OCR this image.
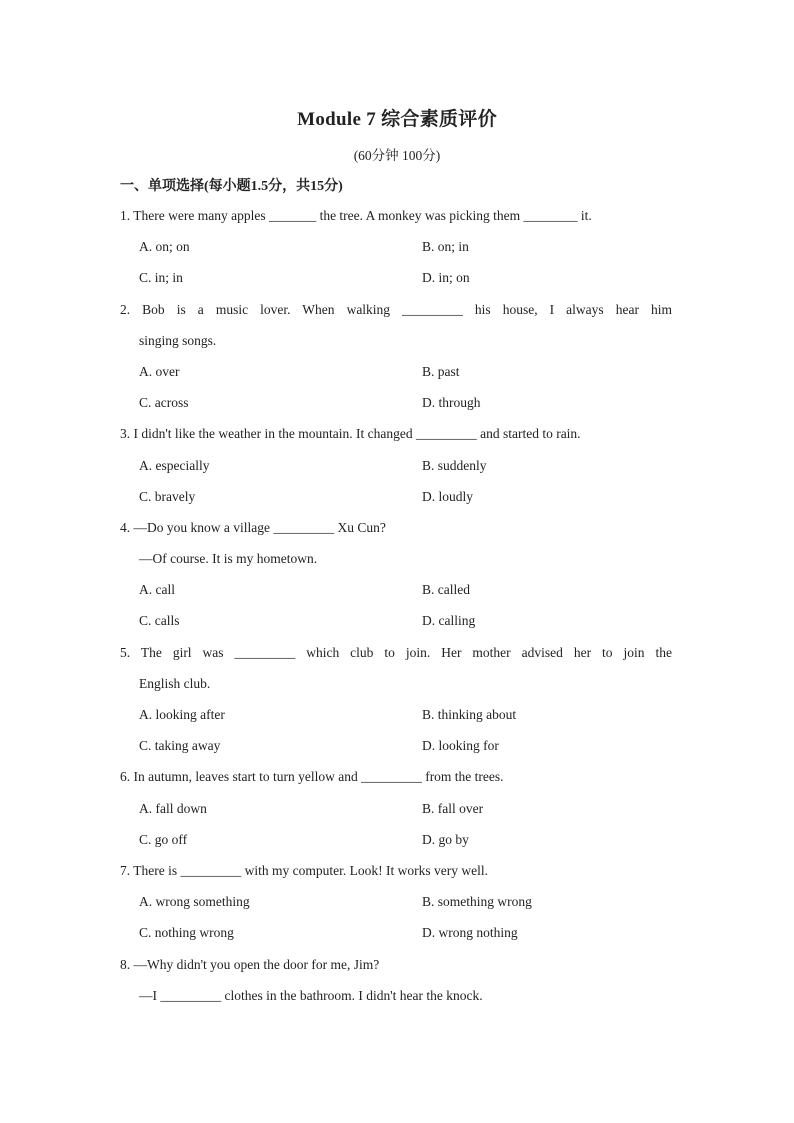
Module 7 综合素质评价
(60分钟 100分)
一、单项选择(每小题1.5分，共15分)
1. There were many apples _______ the tree. A monkey was picking them ________ it.
A. on; on	B. on; in
C. in; in	D. in; on
2. Bob is a music lover. When walking _________ his house, I always hear him
singing songs.
A. over	B. past
C. across	D. through
3. I didn't like the weather in the mountain. It changed _________ and started to rain.
A. especially	B. suddenly
C. bravely	D. loudly
4. —Do you know a village _________ Xu Cun?
—Of course. It is my hometown.
A. call	B. called
C. calls	D. calling
5. The girl was _________ which club to join. Her mother advised her to join the
English club.
A. looking after	B. thinking about
C. taking away	D. looking for
6. In autumn, leaves start to turn yellow and _________ from the trees.
A. fall down	B. fall over
C. go off	D. go by
7. There is _________ with my computer. Look! It works very well.
A. wrong something	B. something wrong
C. nothing wrong	D. wrong nothing
8. —Why didn't you open the door for me, Jim?
—I _________ clothes in the bathroom. I didn't hear the knock.
